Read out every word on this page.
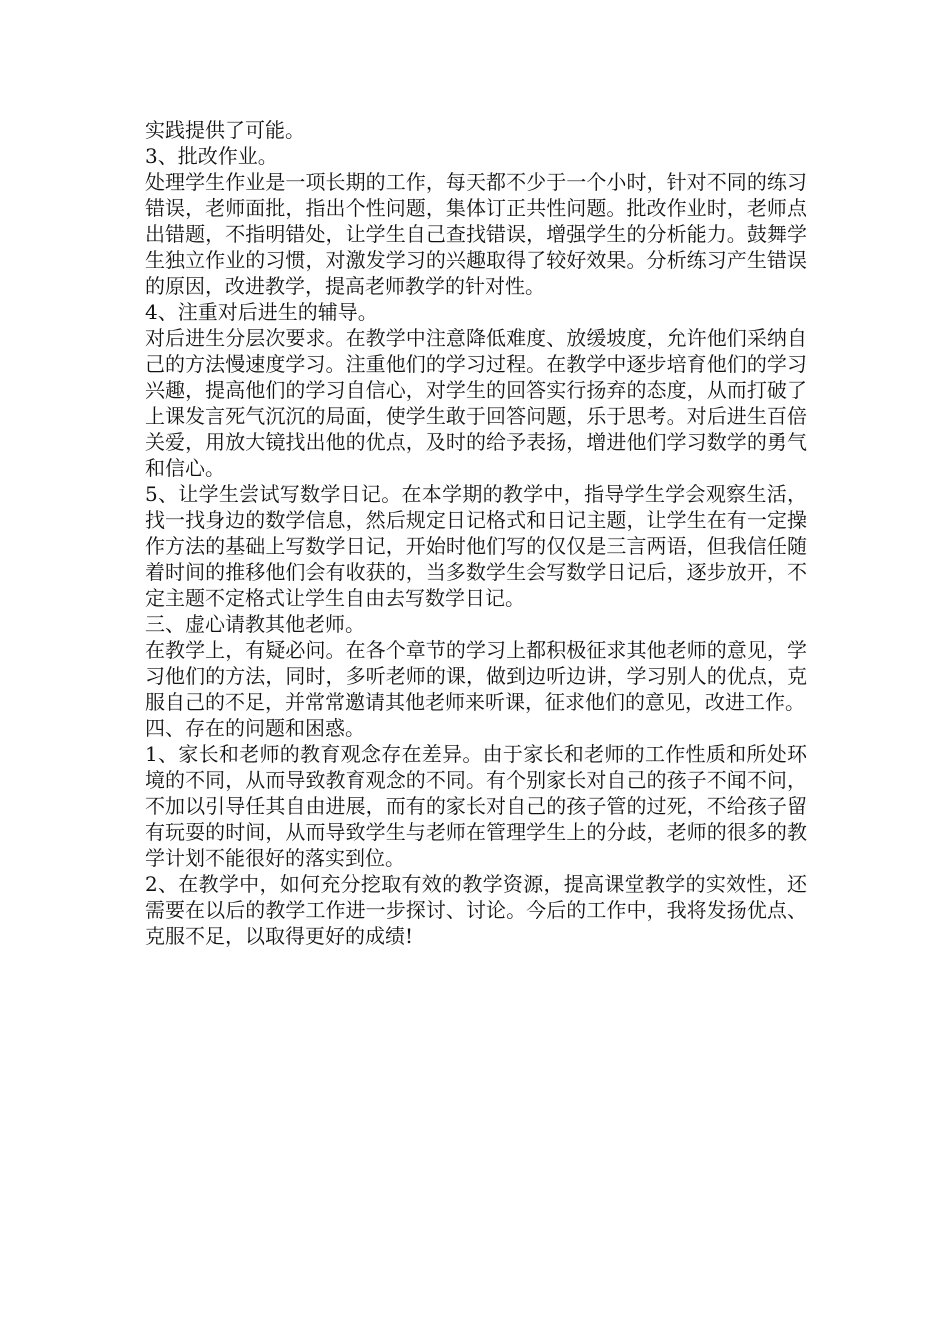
实践提供了可能。

3、批改作业。

处理学生作业是一项长期的工作，每天都不少于一个小时，针对不同的练习错误，老师面批，指出个性问题，集体订正共性问题。批改作业时，老师点出错题，不指明错处，让学生自己查找错误，增强学生的分析能力。鼓舞学生独立作业的习惯，对激发学习的兴趣取得了较好效果。分析练习产生错误的原因，改进教学，提高老师教学的针对性。

4、注重对后进生的辅导。

对后进生分层次要求。在教学中注意降低难度、放缓坡度，允许他们采纳自己的方法慢速度学习。注重他们的学习过程。在教学中逐步培育他们的学习兴趣，提高他们的学习自信心，对学生的回答实行扬弃的态度，从而打破了上课发言死气沉沉的局面，使学生敢于回答问题，乐于思考。对后进生百倍关爱，用放大镜找出他的优点，及时的给予表扬，增进他们学习数学的勇气和信心。

5、让学生尝试写数学日记。在本学期的教学中，指导学生学会观察生活，找一找身边的数学信息，然后规定日记格式和日记主题，让学生在有一定操作方法的基础上写数学日记，开始时他们写的仅仅是三言两语，但我信任随着时间的推移他们会有收获的，当多数学生会写数学日记后，逐步放开，不定主题不定格式让学生自由去写数学日记。

三、虚心请教其他老师。

在教学上，有疑必问。在各个章节的学习上都积极征求其他老师的意见，学习他们的方法，同时，多听老师的课，做到边听边讲，学习别人的优点，克服自己的不足，并常常邀请其他老师来听课，征求他们的意见，改进工作。

四、存在的问题和困惑。

1、家长和老师的教育观念存在差异。由于家长和老师的工作性质和所处环境的不同，从而导致教育观念的不同。有个别家长对自己的孩子不闻不问，不加以引导任其自由进展，而有的家长对自己的孩子管的过死，不给孩子留有玩耍的时间，从而导致学生与老师在管理学生上的分歧，老师的很多的教学计划不能很好的落实到位。

2、在教学中，如何充分挖取有效的教学资源，提高课堂教学的实效性，还需要在以后的教学工作进一步探讨、讨论。今后的工作中，我将发扬优点、克服不足，以取得更好的成绩!
